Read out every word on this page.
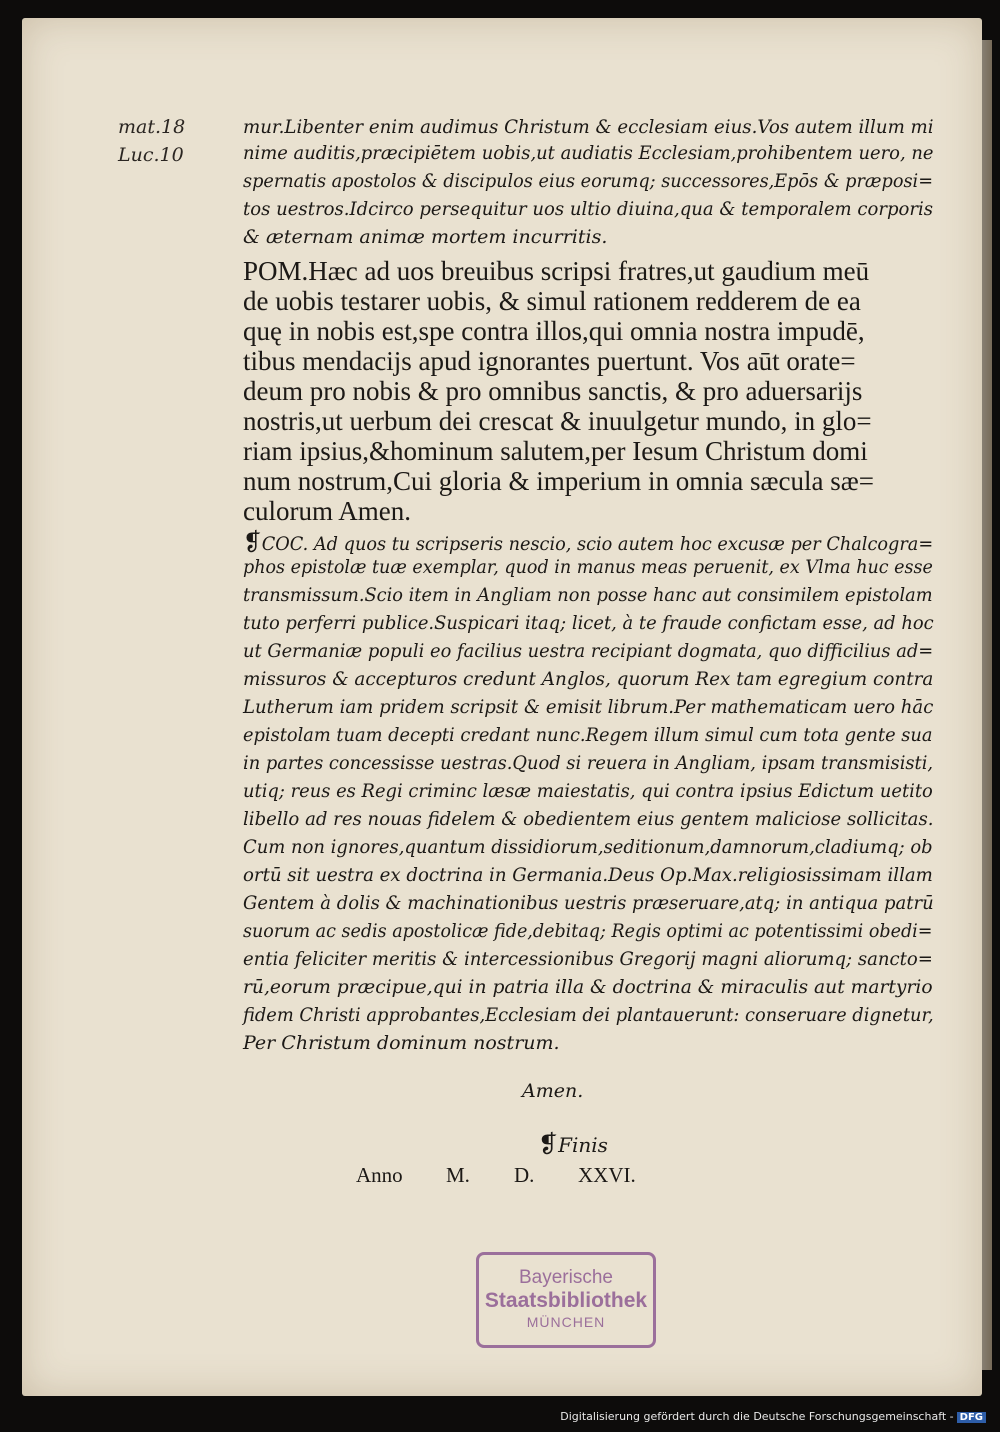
mat.18
Luc.10
mur.Libenter enim audimus Christum & ecclesiam eius.Vos autem illum mi
nime auditis,præcipiētem uobis,ut audiatis Ecclesiam,prohibentem uero, ne
spernatis apostolos & discipulos eius eorumq; successores,Epōs & præposi=
tos uestros.Idcirco persequitur uos ultio diuina,qua & temporalem corporis
& æternam animæ mortem incurritis.
POM.Hæc ad uos breuibus scripsi fratres,ut gaudium meū
de uobis testarer uobis, & simul rationem redderem de ea
quę in nobis est,spe contra illos,qui omnia nostra impudē,
tibus mendacijs apud ignorantes puertunt. Vos aūt orate=
deum pro nobis & pro omnibus sanctis, & pro aduersarijs
nostris,ut uerbum dei crescat & inuulgetur mundo, in glo=
riam ipsius,&hominum salutem,per Iesum Christum domi
num nostrum,Cui gloria & imperium in omnia sæcula sæ=
culorum Amen.
❡COC. Ad quos tu scripseris nescio, scio autem hoc excusæ per Chalcogra=
phos epistolæ tuæ exemplar, quod in manus meas peruenit, ex Vlma huc esse
transmissum.Scio item in Angliam non posse hanc aut consimilem epistolam
tuto perferri publice.Suspicari itaq; licet, à te fraude confictam esse, ad hoc
ut Germaniæ populi eo facilius uestra recipiant dogmata, quo difficilius ad=
missuros & accepturos credunt Anglos, quorum Rex tam egregium contra
Lutherum iam pridem scripsit & emisit librum.Per mathematicam uero hāc
epistolam tuam decepti credant nunc.Regem illum simul cum tota gente sua
in partes concessisse uestras.Quod si reuera in Angliam, ipsam transmisisti,
utiq; reus es Regi criminc læsæ maiestatis, qui contra ipsius Edictum uetito
libello ad res nouas fidelem & obedientem eius gentem maliciose sollicitas.
Cum non ignores,quantum dissidiorum,seditionum,damnorum,cladiumq; ob
ortū sit uestra ex doctrina in Germania.Deus Op.Max.religiosissimam illam
Gentem à dolis & machinationibus uestris præseruare,atq; in antiqua patrū
suorum ac sedis apostolicæ fide,debitaq; Regis optimi ac potentissimi obedi=
entia feliciter meritis & intercessionibus Gregorij magni aliorumq; sancto=
rū,eorum præcipue,qui in patria illa & doctrina & miraculis aut martyrio
fidem Christi approbantes,Ecclesiam dei plantauerunt: conseruare dignetur,
Per Christum dominum nostrum.
Amen.
❡Finis
Anno M. D. XXVI.
Bayerische
Staatsbibliothek
MÜNCHEN
Digitalisierung gefördert durch die Deutsche Forschungsgemeinschaft - DFG
